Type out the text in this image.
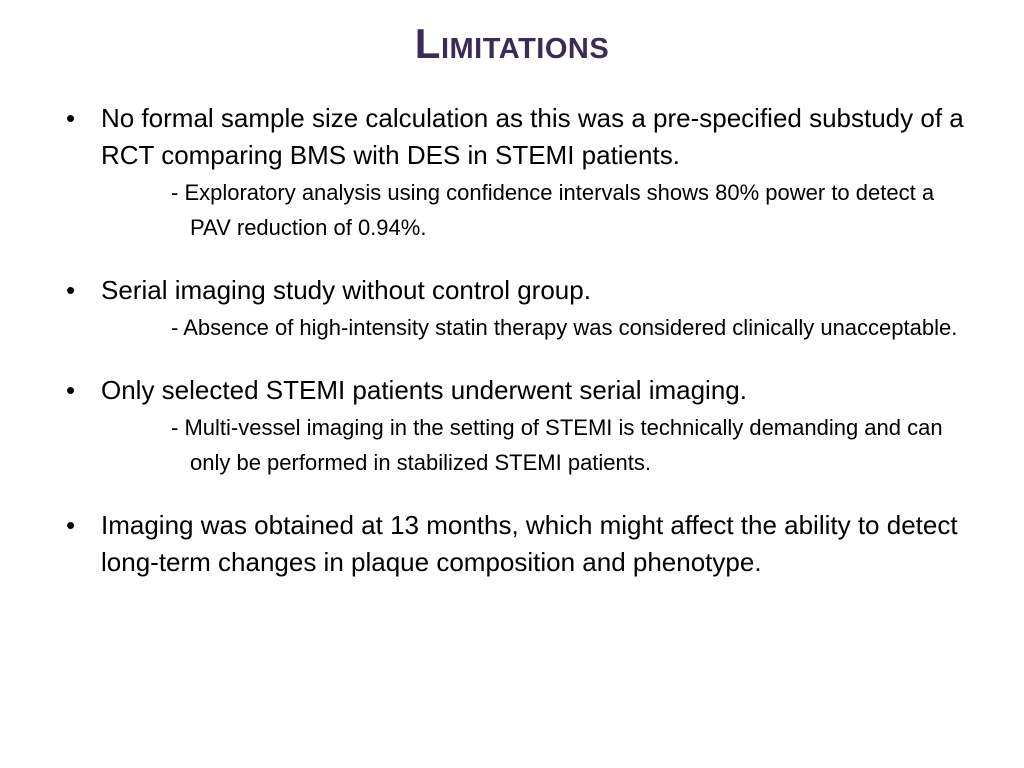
Limitations
• No formal sample size calculation as this was a pre-specified substudy of a RCT comparing BMS with DES in STEMI patients.
- Exploratory analysis using confidence intervals shows 80% power to detect a PAV reduction of 0.94%.
• Serial imaging study without control group.
- Absence of high-intensity statin therapy was considered clinically unacceptable.
• Only selected STEMI patients underwent serial imaging.
- Multi-vessel imaging in the setting of STEMI is technically demanding and can only be performed in stabilized STEMI patients.
• Imaging was obtained at 13 months, which might affect the ability to detect long-term changes in plaque composition and phenotype.
